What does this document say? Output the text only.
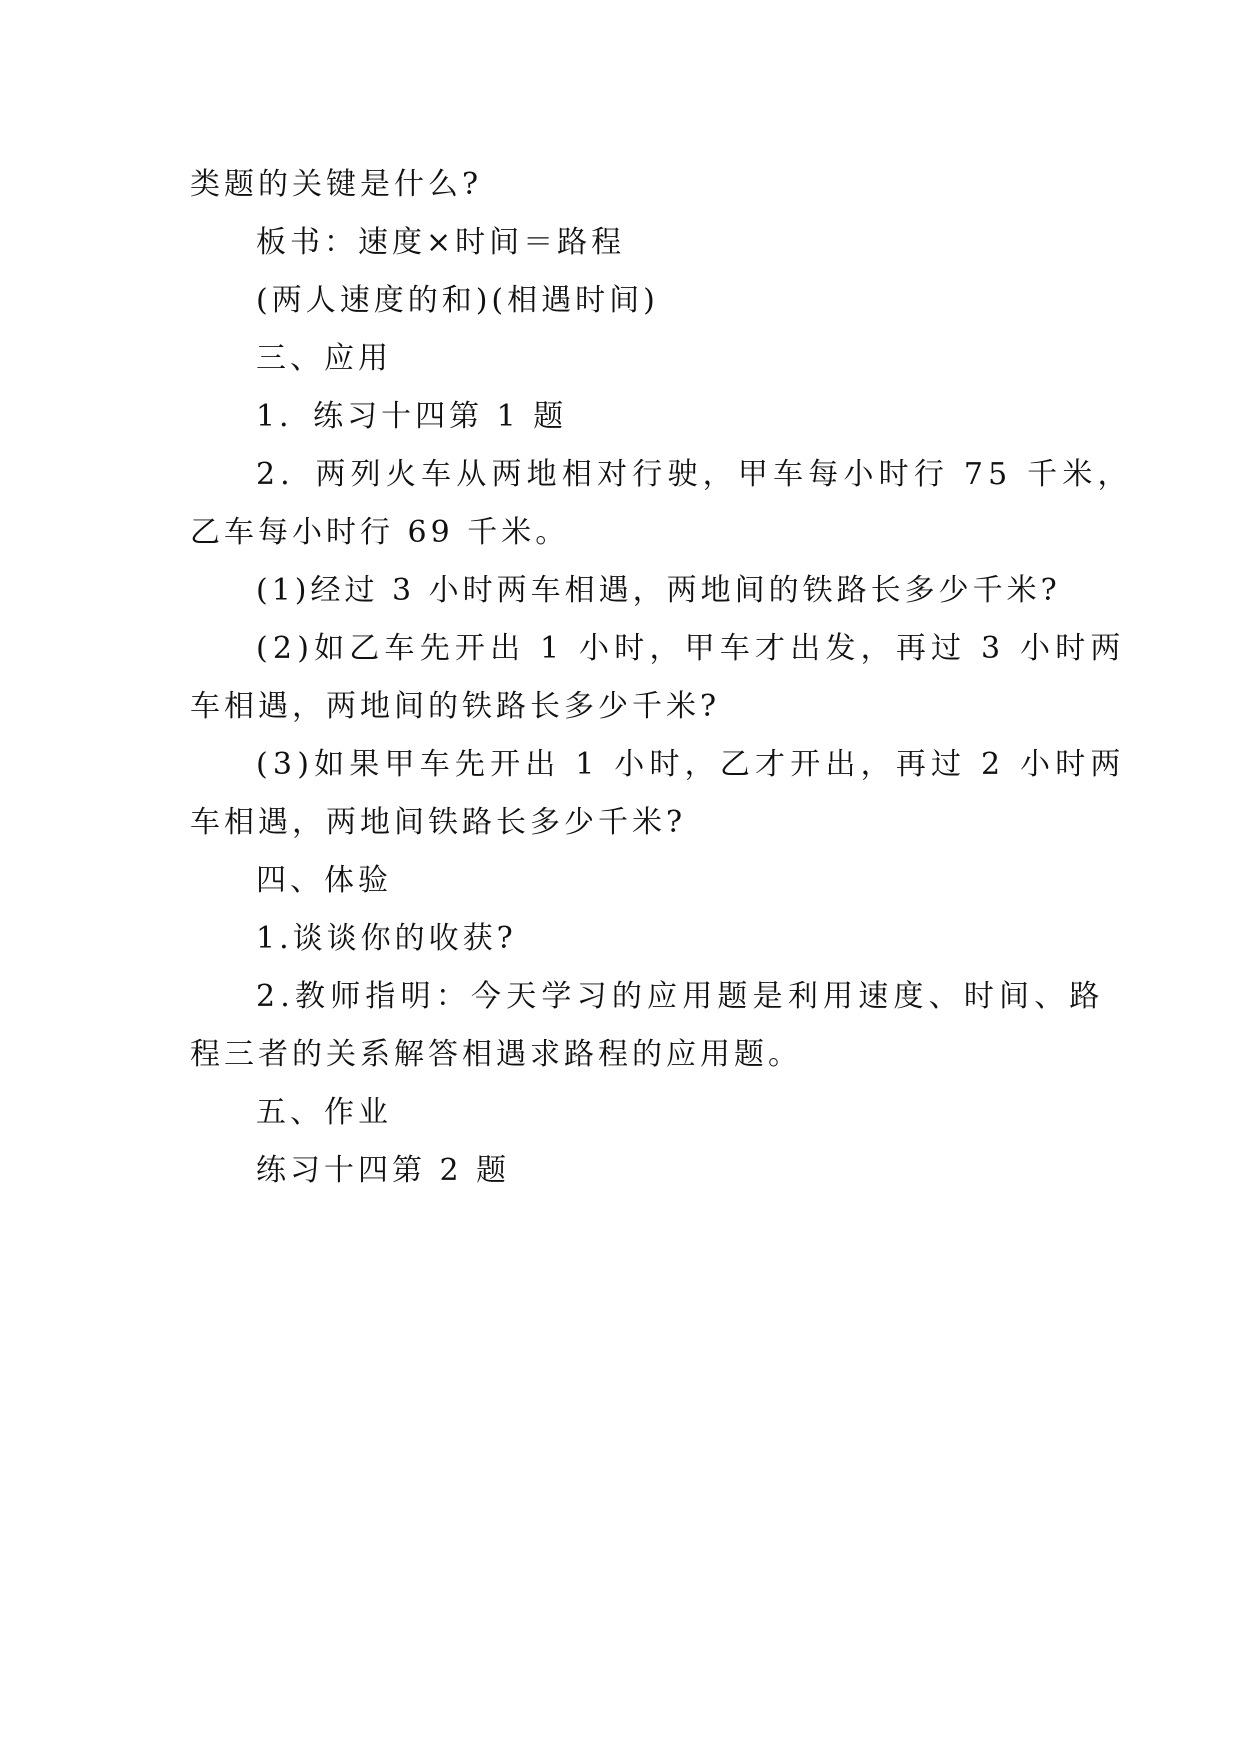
类题的关键是什么?
板书：速度×时间＝路程
(两人速度的和)(相遇时间)
三、应用
1．练习十四第 1 题
2．两列火车从两地相对行驶，甲车每小时行 75 千米，
乙车每小时行 69 千米。
(1)经过 3 小时两车相遇，两地间的铁路长多少千米?
(2)如乙车先开出 1 小时，甲车才出发，再过 3 小时两
车相遇，两地间的铁路长多少千米?
(3)如果甲车先开出 1 小时，乙才开出，再过 2 小时两
车相遇，两地间铁路长多少千米?
四、体验
1.谈谈你的收获?
2.教师指明：今天学习的应用题是利用速度、时间、路
程三者的关系解答相遇求路程的应用题。
五、作业
练习十四第 2 题
